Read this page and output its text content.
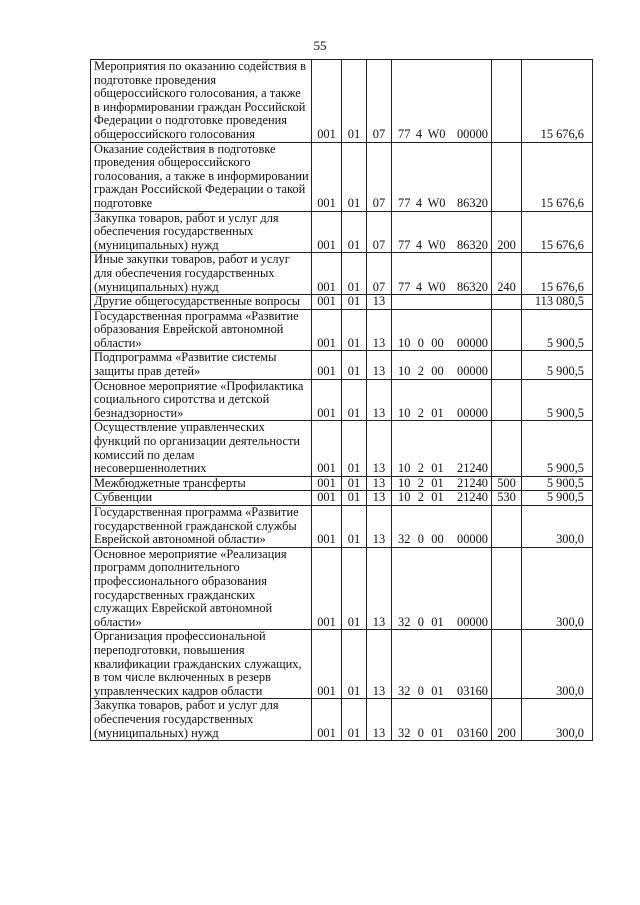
55
Мероприятия по оказанию содействия в подготовке проведения общероссийского голосования, а также в информировании граждан Российской Федерации о подготовке проведения общероссийского голосования	001	01	07	77 4 W0 00000		15 676,6
Оказание содействия в подготовке проведения общероссийского голосования, а также в информировании граждан Российской Федерации о такой подготовке	001	01	07	77 4 W0 86320		15 676,6
Закупка товаров, работ и услуг для обеспечения государственных (муниципальных) нужд	001	01	07	77 4 W0 86320	200	15 676,6
Иные закупки товаров, работ и услуг для обеспечения государственных (муниципальных) нужд	001	01	07	77 4 W0 86320	240	15 676,6
Другие общегосударственные вопросы	001	01	13			113 080,5
Государственная программа «Развитие образования Еврейской автономной области»	001	01	13	10 0 00 00000		5 900,5
Подпрограмма «Развитие системы защиты прав детей»	001	01	13	10 2 00 00000		5 900,5
Основное мероприятие «Профилактика социального сиротства и детской безнадзорности»	001	01	13	10 2 01 00000		5 900,5
Осуществление управленческих функций по организации деятельности комиссий по делам несовершеннолетних	001	01	13	10 2 01 21240		5 900,5
Межбюджетные трансферты	001	01	13	10 2 01 21240	500	5 900,5
Субвенции	001	01	13	10 2 01 21240	530	5 900,5
Государственная программа «Развитие государственной гражданской службы Еврейской автономной области»	001	01	13	32 0 00 00000		300,0
Основное мероприятие «Реализация программ дополнительного профессионального образования государственных гражданских служащих Еврейской автономной области»	001	01	13	32 0 01 00000		300,0
Организация профессиональной переподготовки, повышения квалификации гражданских служащих, в том числе включенных в резерв управленческих кадров области	001	01	13	32 0 01 03160		300,0
Закупка товаров, работ и услуг для обеспечения государственных (муниципальных) нужд	001	01	13	32 0 01 03160	200	300,0
